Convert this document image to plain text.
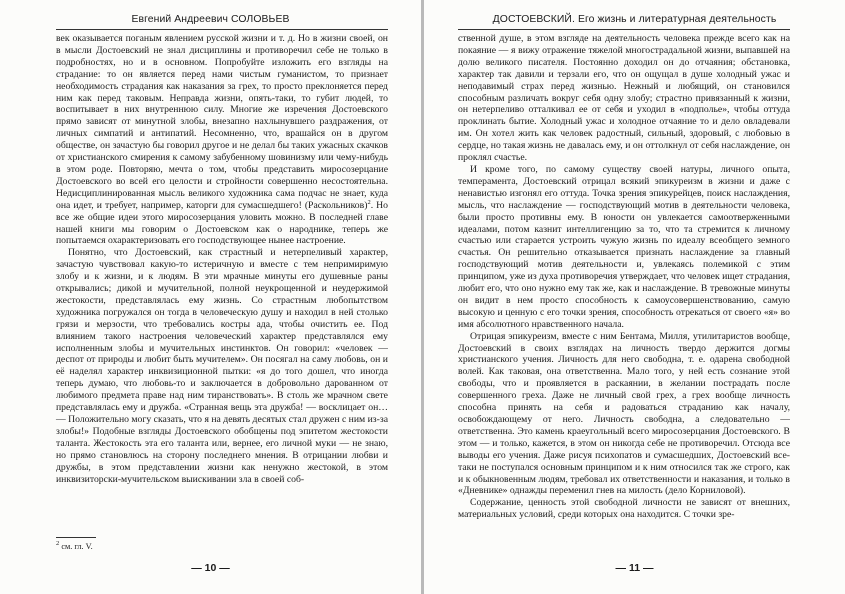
Евгений Андреевич СОЛОВЬЕВ

век оказывается поганым явлением русской жизни и т. д. Но в жизни своей, он в мысли Достоевский не знал дисциплины и противоречил себе не только в подробностях, но и в основном. Попробуйте изложить его взгляды на страдание: то он является перед нами чистым гуманистом, то признает необходимость страдания как наказания за грех, то просто преклоняется перед ним как перед таковым. Неправда жизни, опять-таки, то губит людей, то воспитывает в них внутреннюю силу. Многие же изречения Достоевского прямо зависят от минутной злобы, внезапно нахлынувшего раздражения, от личных симпатий и антипатий. Несомненно, что, врашайся он в другом обществе, он зачастую бы говорил другое и не делал бы таких ужасных скачков от христианского смирения к самому забубенному шовинизму или чему-нибудь в этом роде. Повторяю, мечта о том, чтобы представить миросозерцание Достоевского во всей его целости и стройности совершенно несостоятельна. Недисциплинированная мысль великого художника сама подчас не знает, куда она идет, и требует, например, каторги для сумасшедшего! (Раскольников)$^2$. Но все же общие идеи этого миросозерцания уловить можно. В последней главе нашей книги мы говорим о Достоевском как о народнике, теперь же попытаемся охарактеризовать его господствующее нынее настроение.

Понятно, что Достоевский, как страстный и нетерпеливый характер, зачастую чувствовал какую-то истеричную и вместе с тем непримиримую злобу и к жизни, и к людям. В эти мрачные минуты его душевные раны открывались; дикой и мучительной, полной неукрощенной и неудержимой жестокости, представлялась ему жизнь. Со страстным любопытством художника погружался он тогда в человеческую душу и находил в ней столько грязи и мерзости, что требовались костры ада, чтобы очистить ее. Под влиянием такого настроения человеческий характер представлялся ему исполненным злобы и мучительных инстинктов. Он говорил: «человек — деспот от природы и любит быть мучителем». Он посягал на саму любовь, он и её наделял характер инквизиционной пытки: «я до того дошел, что иногда теперь думаю, что любовь-то и заключается в добровольно дарованном от любимого предмета праве над ним тиранствовать». В столь же мрачном свете представлялась ему и дружба. «Странная вещь эта дружба! — восклицает он… — Положительно могу сказать, что я на девять десятых стал дружен с ним из-за злобы!» Подобные взгляды Достоевского обобщены под эпитетом жестокости таланта. Жестокость эта его таланта или, вернее, его личной муки — не знаю, но прямо становлюсь на сторону последнего мнения. В отрицании любви и дружбы, в этом представлении жизни как ненужно жестокой, в этом инквизиторски-мучительском выискивании зла в своей соб-

$^2$ см. гл. V.
— 10 —
ДОСТОЕВСКИЙ. Его жизнь и литературная деятельность

ственной душе, в этом взгляде на деятельность человека прежде всего как на покаяние — я вижу отражение тяжелой многострадальной жизни, выпавшей на долю великого писателя. Постоянно доходил он до отчаяния; обстановка, характер так давили и терзали его, что он ощущал в душе холодный ужас и неподавимый страх перед жизнью. Нежный и любящий, он становился способным различать вокруг себя одну злобу; страстно привязанный к жизни, он нетерпеливо отталкивал ее от себя и уходил в «подполье», чтобы оттуда проклинать бытие. Холодный ужас и холодное отчаяние то и дело овладевали им. Он хотел жить как человек радостный, сильный, здоровый, с любовью в сердце, но такая жизнь не давалась ему, и он оттолкнул от себя наслаждение, он проклял счастье.

И кроме того, по самому существу своей натуры, личного опыта, темперамента, Достоевский отрицал всякий эпикуреизм в жизни и даже с ненавистью изгонял его оттуда. Точка зрения эпикурейцев, поиск наслаждения, мысль, что наслаждение — господствующий мотив в деятельности человека, были просто противны ему. В юности он увлекается самоотверженными идеалами, потом казнит интеллигенцию за то, что та стремится к личному счастью или старается устроить чужую жизнь по идеалу всеобщего земного счастья. Он решительно отказывается признать наслаждение за главный господствующий мотив деятельности и, увлекаясь полемикой с этим принципом, уже из духа противоречия утверждает, что человек ищет страдания, любит его, что оно нужно ему так же, как и наслаждение. В тревожные минуты он видит в нем просто способность к самоусовершенствованию, самую высокую и ценную с его точки зрения, способность отрекаться от своего «я» во имя абсолютного нравственного начала.

Отрицая эпикуреизм, вместе с ним Бентама, Милля, утилитаристов вообще, Достоевский в своих взглядах на личность твердо держится догмы христианского учения. Личность для него свободна, т. е. одарена свободной волей. Как таковая, она ответственна. Мало того, у ней есть сознание этой свободы, что и проявляется в раскаянии, в желании пострадать после совершенного греха. Даже не личный свой грех, а грех вообще личность способна принять на себя и радоваться страданию как началу, освобождающему от него. Личность свободна, а следовательно — ответственна. Это камень краеугольный всего миросозерцания Достоевского. В этом — и только, кажется, в этом он никогда себе не противоречил. Отсюда все выводы его учения. Даже рисуя психопатов и сумасшедших, Достоевский все-таки не поступался основным принципом и к ним относился так же строго, как и к обыкновенным людям, требовал их ответственности и наказания, и только в «Дневнике» однажды переменил гнев на милость (дело Корниловой).

Содержание, ценность этой свободной личности не зависят от внешних, материальных условий, среди которых она находится. С точки зре-

— 11 —
